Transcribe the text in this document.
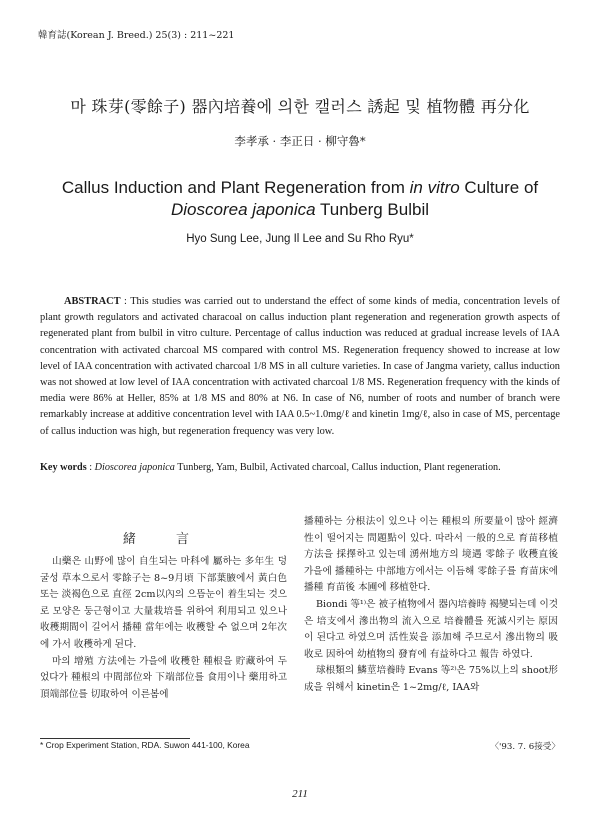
韓育誌(Korean J. Breed.) 25(3) : 211~221
마 珠芽(零餘子) 器內培養에 의한 캘러스 誘起 및 植物體 再分化
李孝承 · 李正日 · 柳守魯*
Callus Induction and Plant Regeneration from in vitro Culture of
Dioscorea japonica Tunberg Bulbil
Hyo Sung Lee, Jung Il Lee and Su Rho Ryu*
ABSTRACT : This studies was carried out to understand the effect of some kinds of media, concentration levels of plant growth regulators and activated characoal on callus induction plant regeneration and regeneration growth aspects of regenerated plant from bulbil in vitro culture. Percentage of callus induction was reduced at gradual increase levels of IAA concentration with activated charcoal MS compared with control MS. Regeneration frequency showed to increase at low level of IAA concentration with activated charcoal 1/8 MS in all culture varieties. In case of Jangma variety, callus induction was not showed at low level of IAA concentration with activated charcoal 1/8 MS. Regeneration frequency with the kinds of media were 86% at Heller, 85% at 1/8 MS and 80% at N6. In case of N6, number of roots and number of branch were remarkably increase at additive concentration level with IAA 0.5~1.0mg/ℓ and kinetin 1mg/ℓ, also in case of MS, percentage of callus induction was high, but regeneration frequency was very low.
Key words : Dioscorea japonica Tunberg, Yam, Bulbil, Activated charcoal, Callus induction, Plant regeneration.
緒 言

山藥은 山野에 많이 自生되는 마科에 屬하는 多年生 덩굴성 草本으로서 零餘子는 8~9月頃 下部葉腋에서 黃白色 또는 淡褐色으로 直徑 2cm以內의 으뜸눈이 着生되는 것으로 모양은 둥근형이고 大量栽培를 위하여 利用되고 있으나 收穫期間이 길어서 播種 當年에는 收穫할 수 없으며 2年次에 가서 收穫하게 된다.

마의 增殖 方法에는 가을에 收穫한 種根을 貯藏하여 두었다가 種根의 中間部位와 下端部位를 食用이나 藥用하고 頂端部位를 切取하여 이른봄에

播種하는 分根法이 있으나 이는 種根의 所要量이 많아 經濟性이 떨어지는 問題點이 있다. 따라서 一般的으로 育苗移植 方法을 採擇하고 있는데 湧州地方의 境遇 零餘子 收穫直後 가을에 播種하는 中部地方에서는 이듬해 零餘子를 育苗床에 播種 育苗後 本圃에 移植한다.

Biondi 等¹⁾은 被子植物에서 器內培養時 褐變되는데 이것은 培支에서 滲出物의 流入으로 培養體를 死滅시키는 原因이 된다고 하였으며 活性炭을 添加해 주므로서 滲出物의 吸收로 因하여 幼植物의 發育에 有益하다고 報告 하였다.

球根類의 鱗莖培養時 Evans 等²⁾은 75%以上의 shoot形成을 위해서 kinetin은 1~2mg/ℓ, IAA와

* Crop Experiment Station, RDA. Suwon 441-100, Korea	〈'93. 7. 6接受〉
211
